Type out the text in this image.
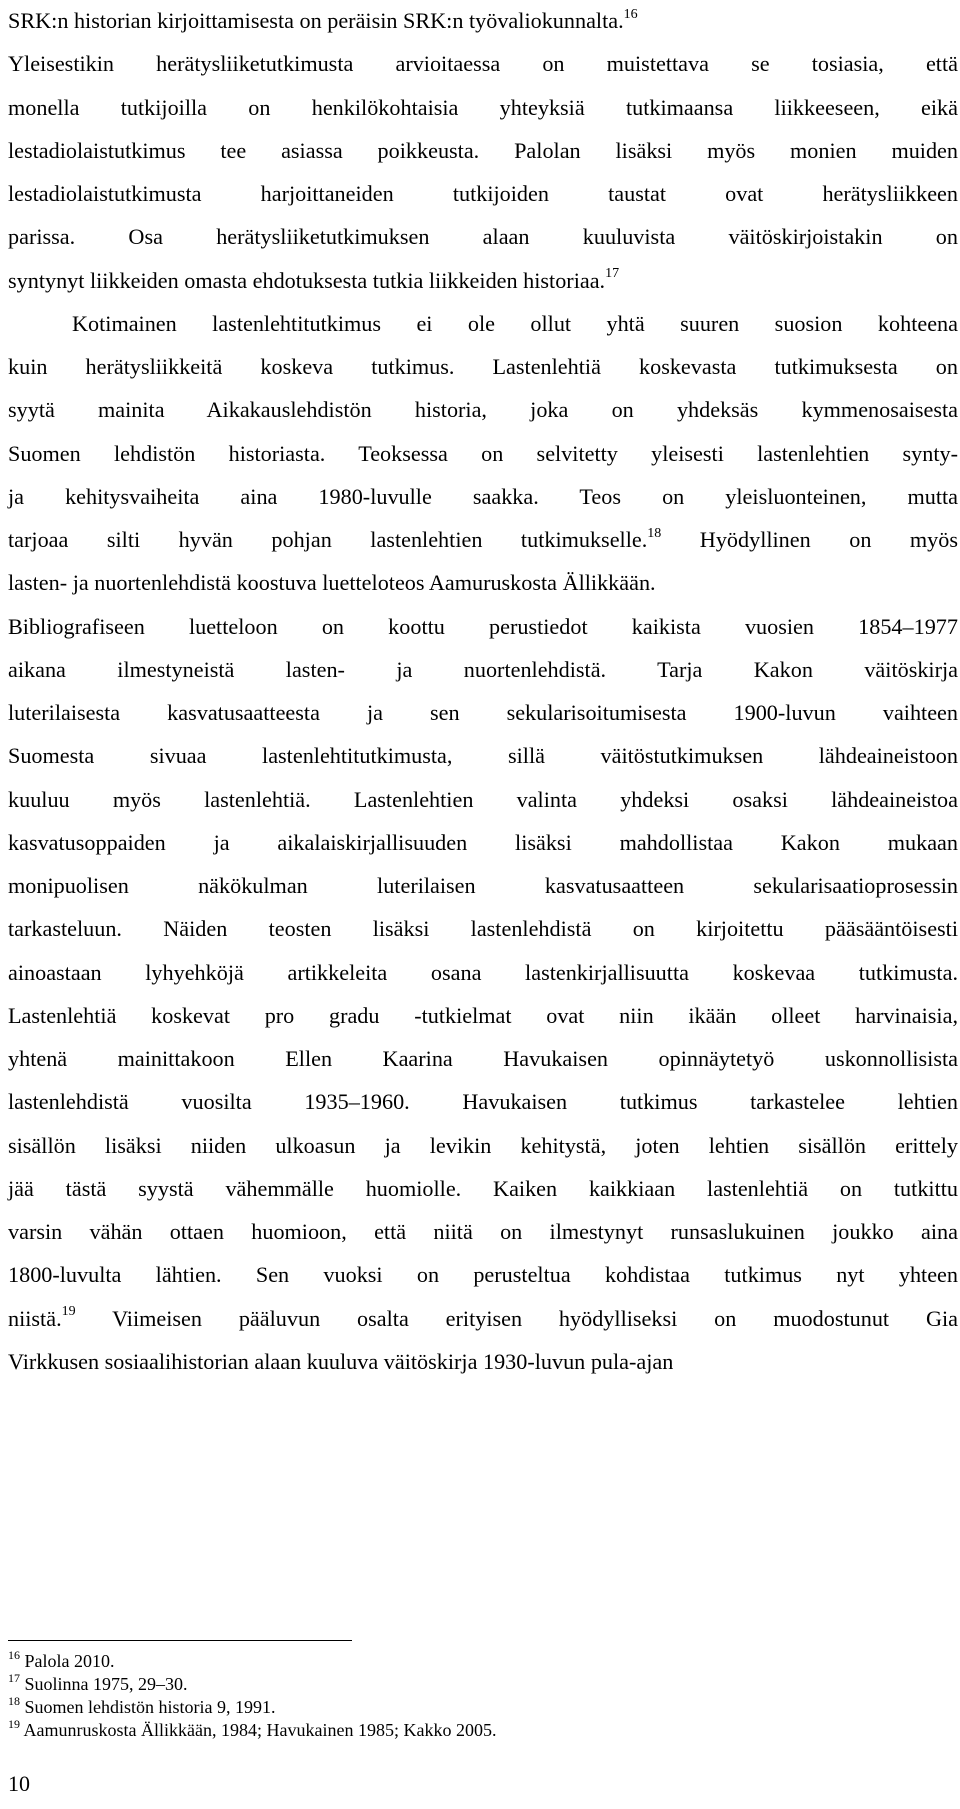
SRK:n historian kirjoittamisesta on peräisin SRK:n työvaliokunnalta.$^{16}$
Yleisestikin herätysliiketutkimusta arvioitaessa on muistettava se tosiasia, että
monella tutkijoilla on henkilökohtaisia yhteyksiä tutkimaansa liikkeeseen, eikä
lestadiolaistutkimus tee asiassa poikkeusta. Palolan lisäksi myös monien muiden
lestadiolaistutkimusta harjoittaneiden tutkijoiden taustat ovat herätysliikkeen
parissa. Osa herätysliiketutkimuksen alaan kuuluvista väitöskirjoistakin on
syntynyt liikkeiden omasta ehdotuksesta tutkia liikkeiden historiaa.$^{17}$
Kotimainen lastenlehtitutkimus ei ole ollut yhtä suuren suosion kohteena
kuin herätysliikkeitä koskeva tutkimus. Lastenlehtiä koskevasta tutkimuksesta on
syytä mainita Aikakauslehdistön historia, joka on yhdeksäs kymmenosaisesta
Suomen lehdistön historiasta. Teoksessa on selvitetty yleisesti lastenlehtien synty-
ja kehitysvaiheita aina 1980-luvulle saakka. Teos on yleisluonteinen, mutta
tarjoaa silti hyvän pohjan lastenlehtien tutkimukselle.$^{18}$ Hyödyllinen on myös
lasten- ja nuortenlehdistä koostuva luetteloteos Aamuruskosta Ällikkään.
Bibliografiseen luetteloon on koottu perustiedot kaikista vuosien 1854–1977
aikana ilmestyneistä lasten- ja nuortenlehdistä. Tarja Kakon väitöskirja
luterilaisesta kasvatusaatteesta ja sen sekularisoitumisesta 1900-luvun vaihteen
Suomesta sivuaa lastenlehtitutkimusta, sillä väitöstutkimuksen lähdeaineistoon
kuuluu myös lastenlehtiä. Lastenlehtien valinta yhdeksi osaksi lähdeaineistoa
kasvatusoppaiden ja aikalaiskirjallisuuden lisäksi mahdollistaa Kakon mukaan
monipuolisen näkökulman luterilaisen kasvatusaatteen sekularisaatioprosessin
tarkasteluun. Näiden teosten lisäksi lastenlehdistä on kirjoitettu pääsääntöisesti
ainoastaan lyhyehköjä artikkeleita osana lastenkirjallisuutta koskevaa tutkimusta.
Lastenlehtiä koskevat pro gradu -tutkielmat ovat niin ikään olleet harvinaisia,
yhtenä mainittakoon Ellen Kaarina Havukaisen opinnäytetyö uskonnollisista
lastenlehdistä vuosilta 1935–1960. Havukaisen tutkimus tarkastelee lehtien
sisällön lisäksi niiden ulkoasun ja levikin kehitystä, joten lehtien sisällön erittely
jää tästä syystä vähemmälle huomiolle. Kaiken kaikkiaan lastenlehtiä on tutkittu
varsin vähän ottaen huomioon, että niitä on ilmestynyt runsaslukuinen joukko aina
1800-luvulta lähtien. Sen vuoksi on perusteltua kohdistaa tutkimus nyt yhteen
niistä.$^{19}$ Viimeisen pääluvun osalta erityisen hyödylliseksi on muodostunut Gia
Virkkusen sosiaalihistorian alaan kuuluva väitöskirja 1930-luvun pula-ajan
$^{16}$ Palola 2010.
$^{17}$ Suolinna 1975, 29–30.
$^{18}$ Suomen lehdistön historia 9, 1991.
$^{19}$ Aamunruskosta Ällikkään, 1984; Havukainen 1985; Kakko 2005.
10
